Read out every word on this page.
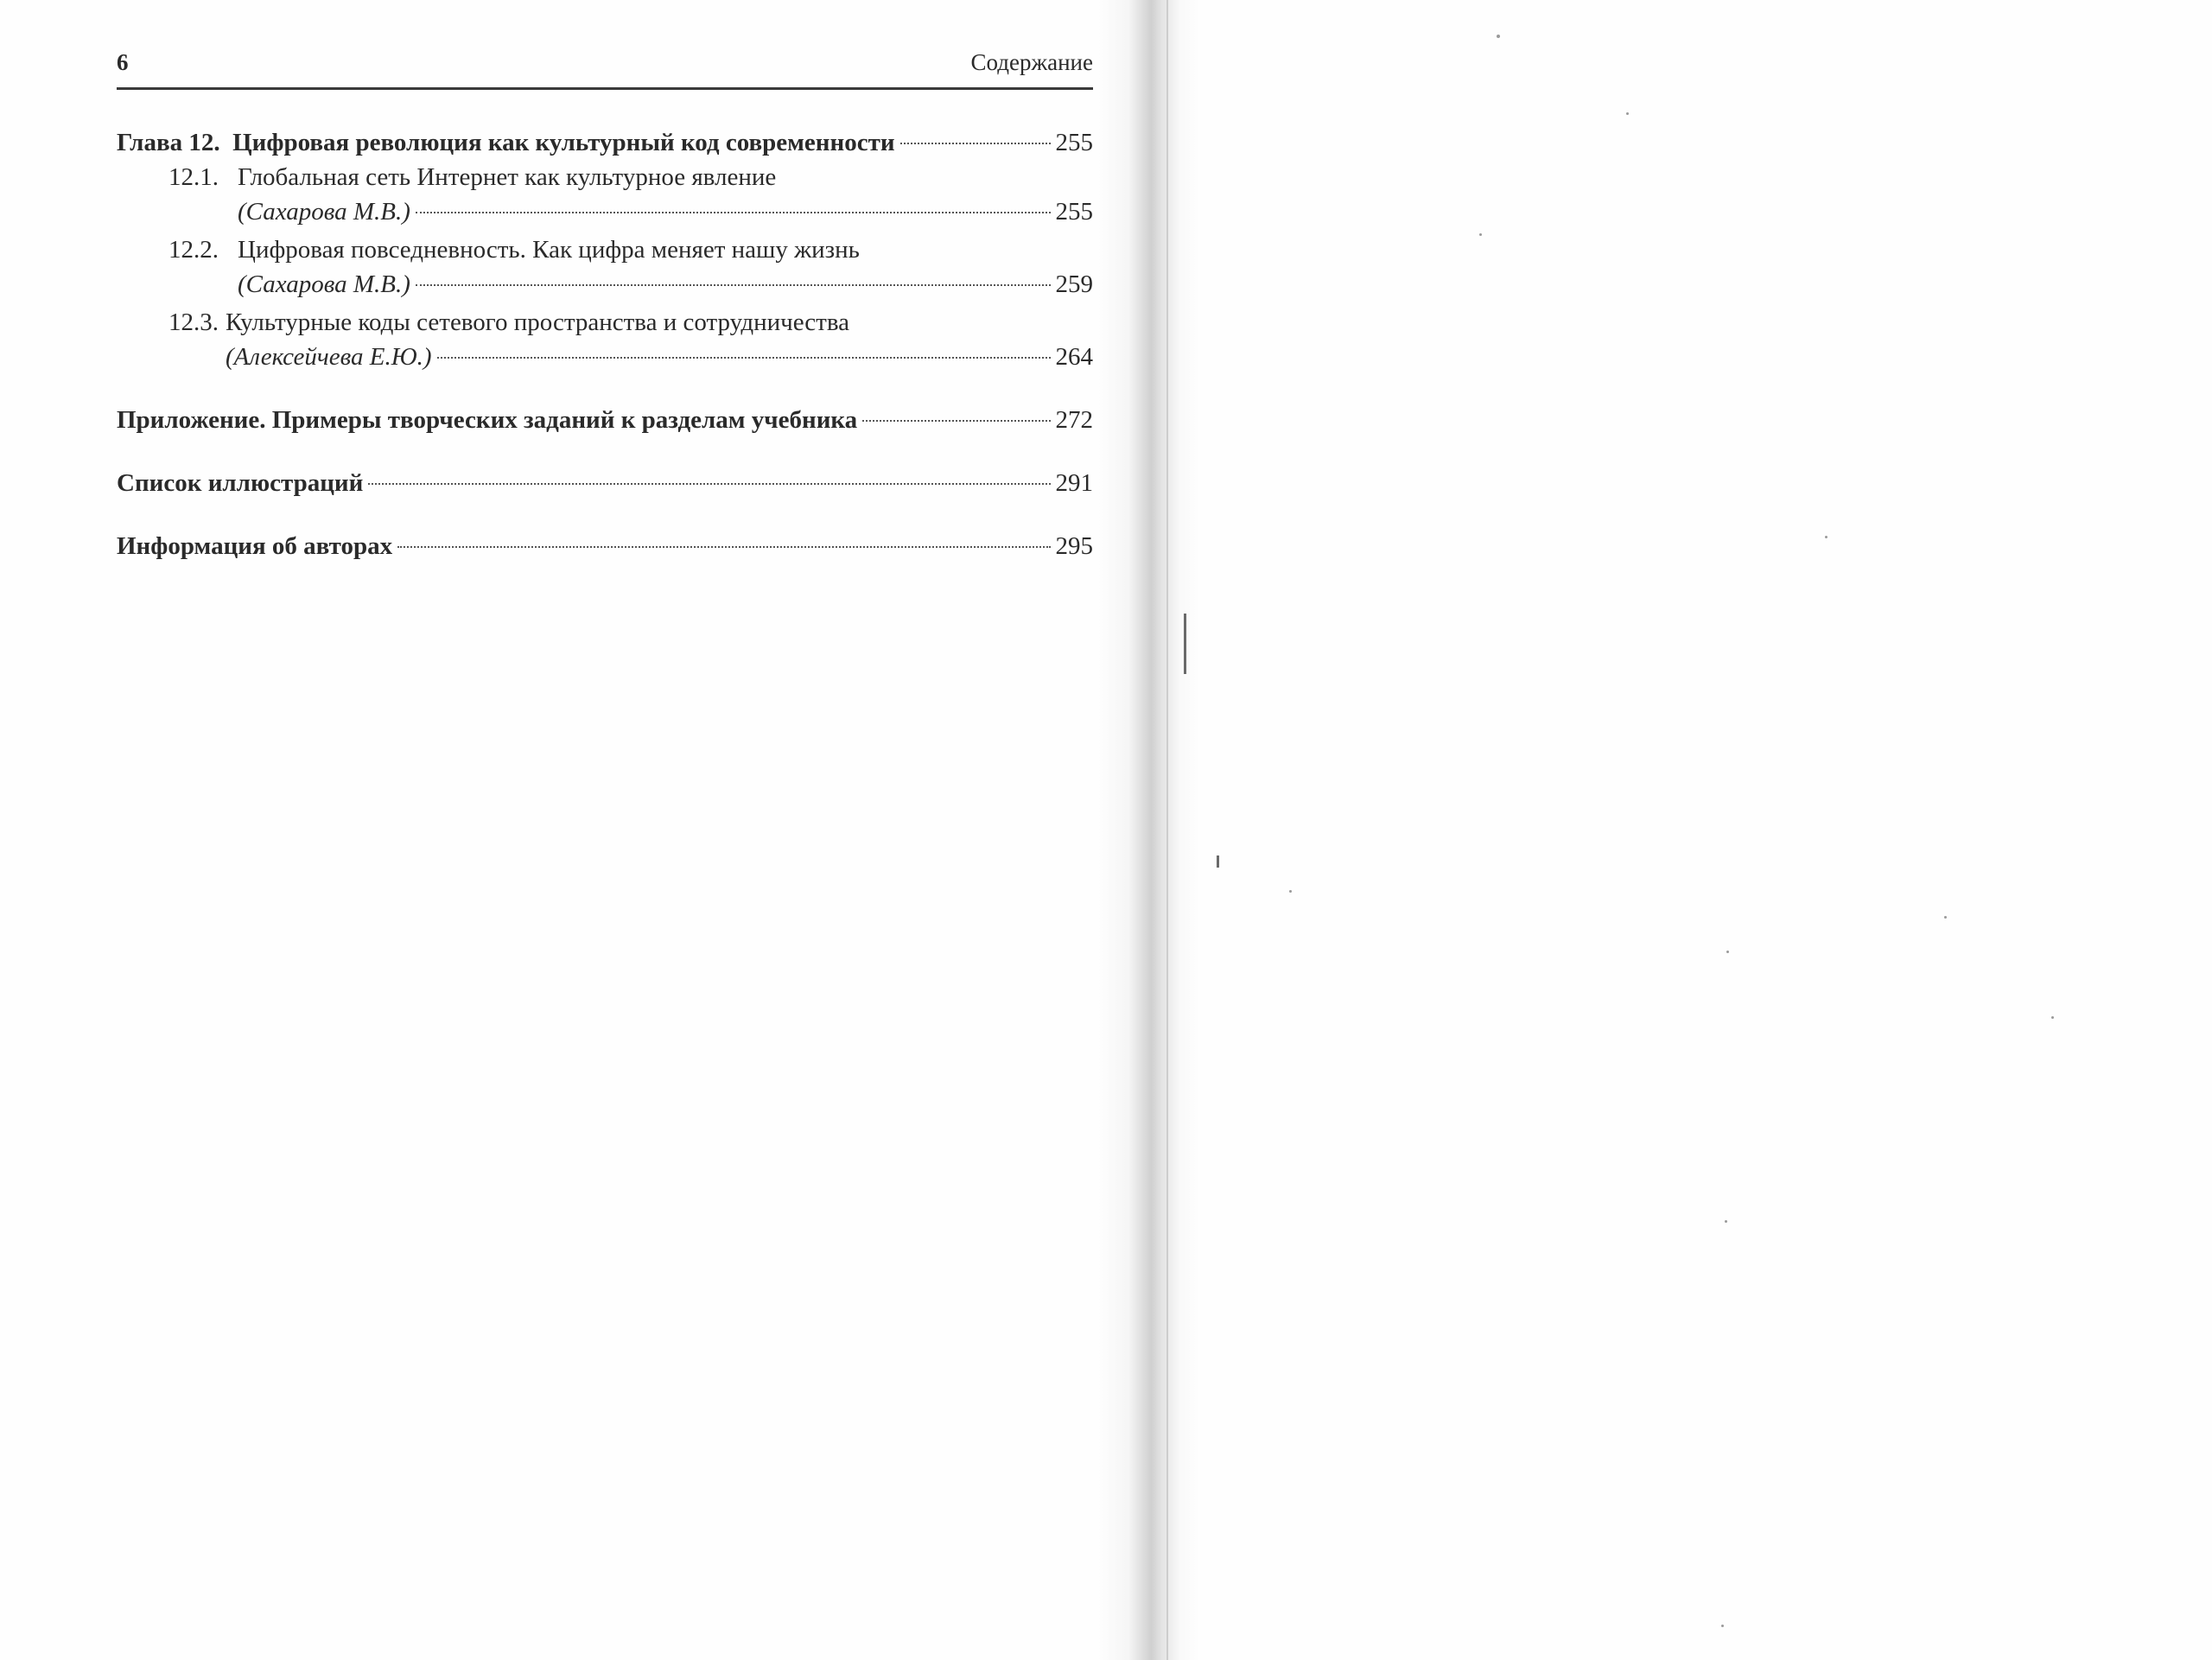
6	Содержание
Глава 12.
Цифровая революция как культурный код современности	255
12.1. Глобальная сеть Интернет как культурное явление
(Сахарова М.В.)	255
12.2. Цифровая повседневность. Как цифра меняет нашу жизнь
(Сахарова М.В.)	259
12.3. Культурные коды сетевого пространства и сотрудничества
(Алексейчева Е.Ю.)	264
Приложение. Примеры творческих заданий к разделам учебника	272
Список иллюстраций	291
Информация об авторах	295
